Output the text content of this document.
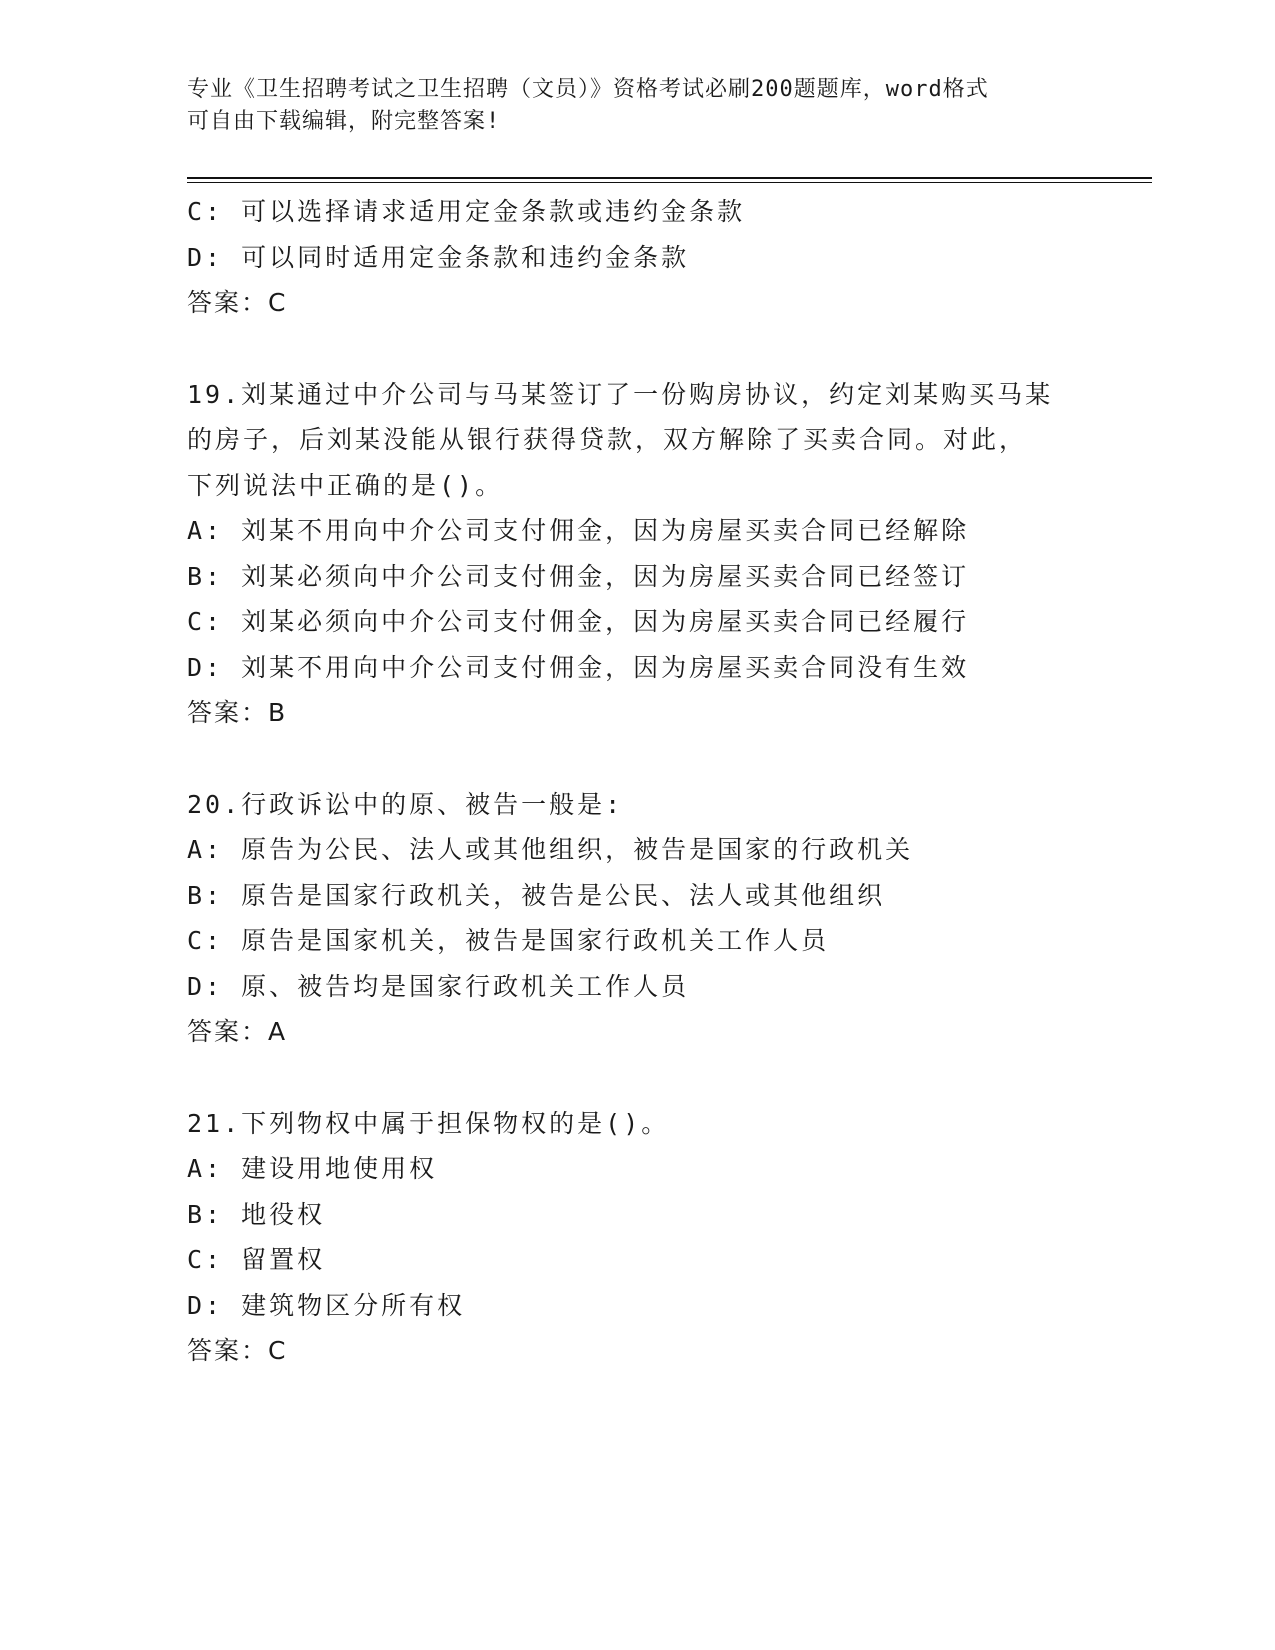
专业《卫生招聘考试之卫生招聘（文员）》资格考试必刷200题题库，word格式
可自由下载编辑，附完整答案!
C: 可以选择请求适用定金条款或违约金条款
D: 可以同时适用定金条款和违约金条款
答案：C
19.刘某通过中介公司与马某签订了一份购房协议，约定刘某购买马某
的房子，后刘某没能从银行获得贷款，双方解除了买卖合同。对此，
下列说法中正确的是()。
A: 刘某不用向中介公司支付佣金，因为房屋买卖合同已经解除
B: 刘某必须向中介公司支付佣金，因为房屋买卖合同已经签订
C: 刘某必须向中介公司支付佣金，因为房屋买卖合同已经履行
D: 刘某不用向中介公司支付佣金，因为房屋买卖合同没有生效
答案：B
20.行政诉讼中的原、被告一般是:
A: 原告为公民、法人或其他组织，被告是国家的行政机关
B: 原告是国家行政机关，被告是公民、法人或其他组织
C: 原告是国家机关，被告是国家行政机关工作人员
D: 原、被告均是国家行政机关工作人员
答案：A
21.下列物权中属于担保物权的是()。
A: 建设用地使用权
B: 地役权
C: 留置权
D: 建筑物区分所有权
答案：C
